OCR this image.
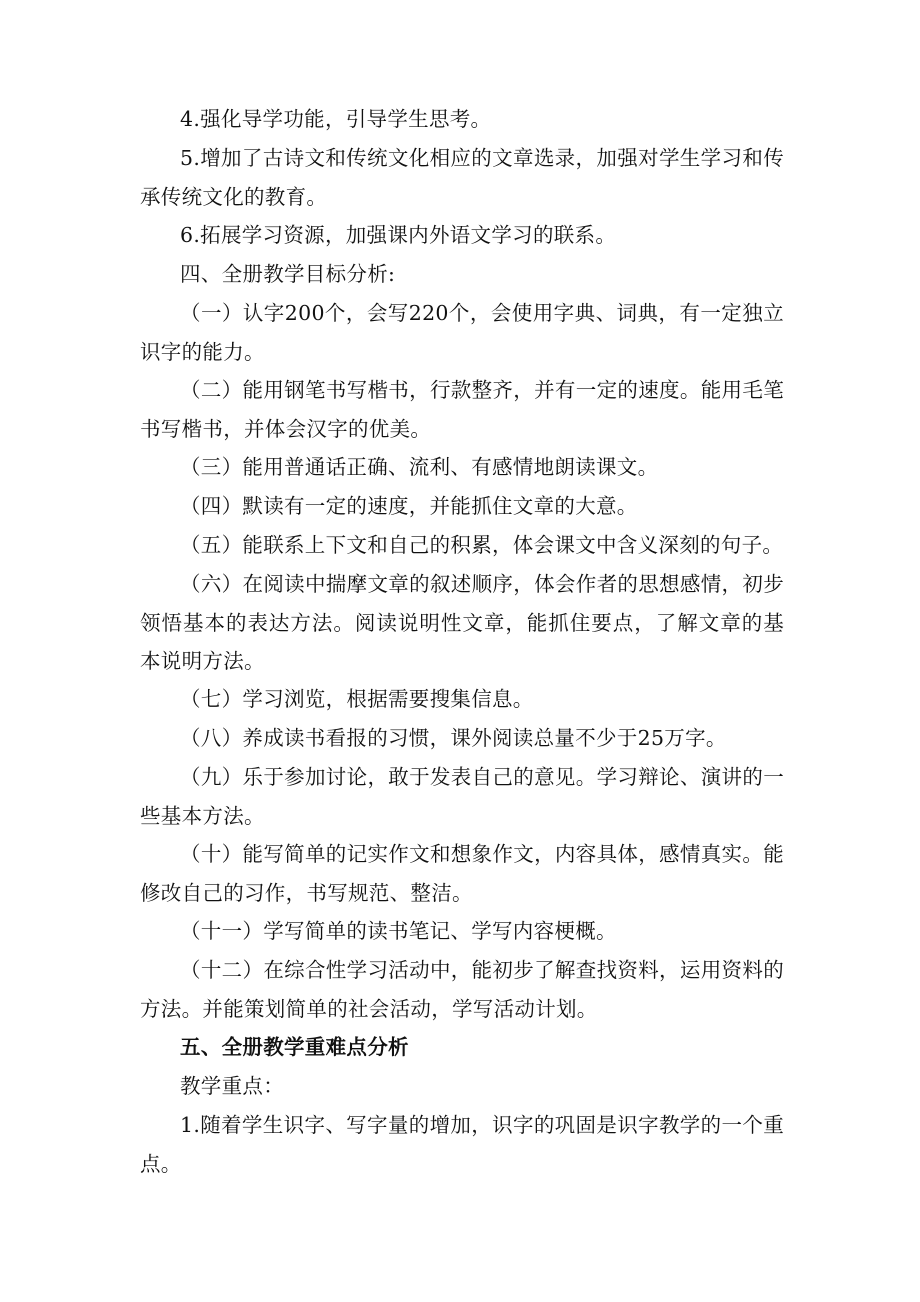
4.强化导学功能，引导学生思考。

5.增加了古诗文和传统文化相应的文章选录，加强对学生学习和传承传统文化的教育。

6.拓展学习资源，加强课内外语文学习的联系。

四、全册教学目标分析:

（一）认字200个，会写220个，会使用字典、词典，有一定独立识字的能力。

（二）能用钢笔书写楷书，行款整齐，并有一定的速度。能用毛笔书写楷书，并体会汉字的优美。

（三）能用普通话正确、流利、有感情地朗读课文。

（四）默读有一定的速度，并能抓住文章的大意。

（五）能联系上下文和自己的积累，体会课文中含义深刻的句子。

（六）在阅读中揣摩文章的叙述顺序，体会作者的思想感情，初步领悟基本的表达方法。阅读说明性文章，能抓住要点，了解文章的基本说明方法。

（七）学习浏览，根据需要搜集信息。

（八）养成读书看报的习惯，课外阅读总量不少于25万字。

（九）乐于参加讨论，敢于发表自己的意见。学习辩论、演讲的一些基本方法。

（十）能写简单的记实作文和想象作文，内容具体，感情真实。能修改自己的习作，书写规范、整洁。

（十一）学写简单的读书笔记、学写内容梗概。

（十二）在综合性学习活动中，能初步了解查找资料，运用资料的方法。并能策划简单的社会活动，学写活动计划。

五、全册教学重难点分析

教学重点：

1.随着学生识字、写字量的增加，识字的巩固是识字教学的一个重点。
